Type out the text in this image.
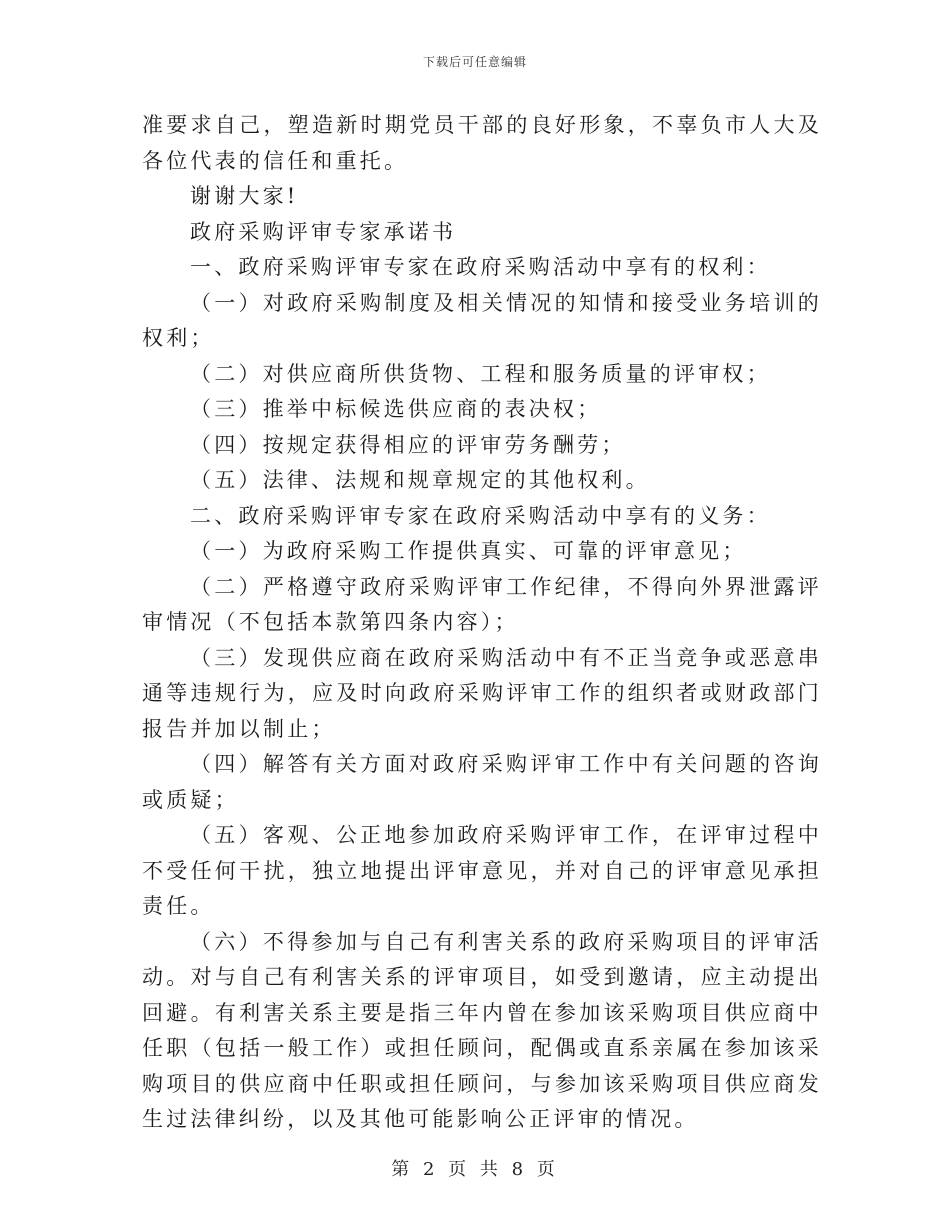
下载后可任意编辑

准要求自己，塑造新时期党员干部的良好形象，不辜负市人大及各位代表的信任和重托。

谢谢大家!

政府采购评审专家承诺书

一、政府采购评审专家在政府采购活动中享有的权利：

（一）对政府采购制度及相关情况的知情和接受业务培训的权利；

（二）对供应商所供货物、工程和服务质量的评审权；

（三）推举中标候选供应商的表决权；

（四）按规定获得相应的评审劳务酬劳；

（五）法律、法规和规章规定的其他权利。

二、政府采购评审专家在政府采购活动中享有的义务：

（一）为政府采购工作提供真实、可靠的评审意见；

（二）严格遵守政府采购评审工作纪律，不得向外界泄露评审情况（不包括本款第四条内容）；

（三）发现供应商在政府采购活动中有不正当竞争或恶意串通等违规行为，应及时向政府采购评审工作的组织者或财政部门报告并加以制止；

（四）解答有关方面对政府采购评审工作中有关问题的咨询或质疑；

（五）客观、公正地参加政府采购评审工作，在评审过程中不受任何干扰，独立地提出评审意见，并对自己的评审意见承担责任。

（六）不得参加与自己有利害关系的政府采购项目的评审活动。对与自己有利害关系的评审项目，如受到邀请，应主动提出回避。有利害关系主要是指三年内曾在参加该采购项目供应商中任职（包括一般工作）或担任顾问，配偶或直系亲属在参加该采购项目的供应商中任职或担任顾问，与参加该采购项目供应商发生过法律纠纷，以及其他可能影响公正评审的情况。

第 2 页 共 8 页
